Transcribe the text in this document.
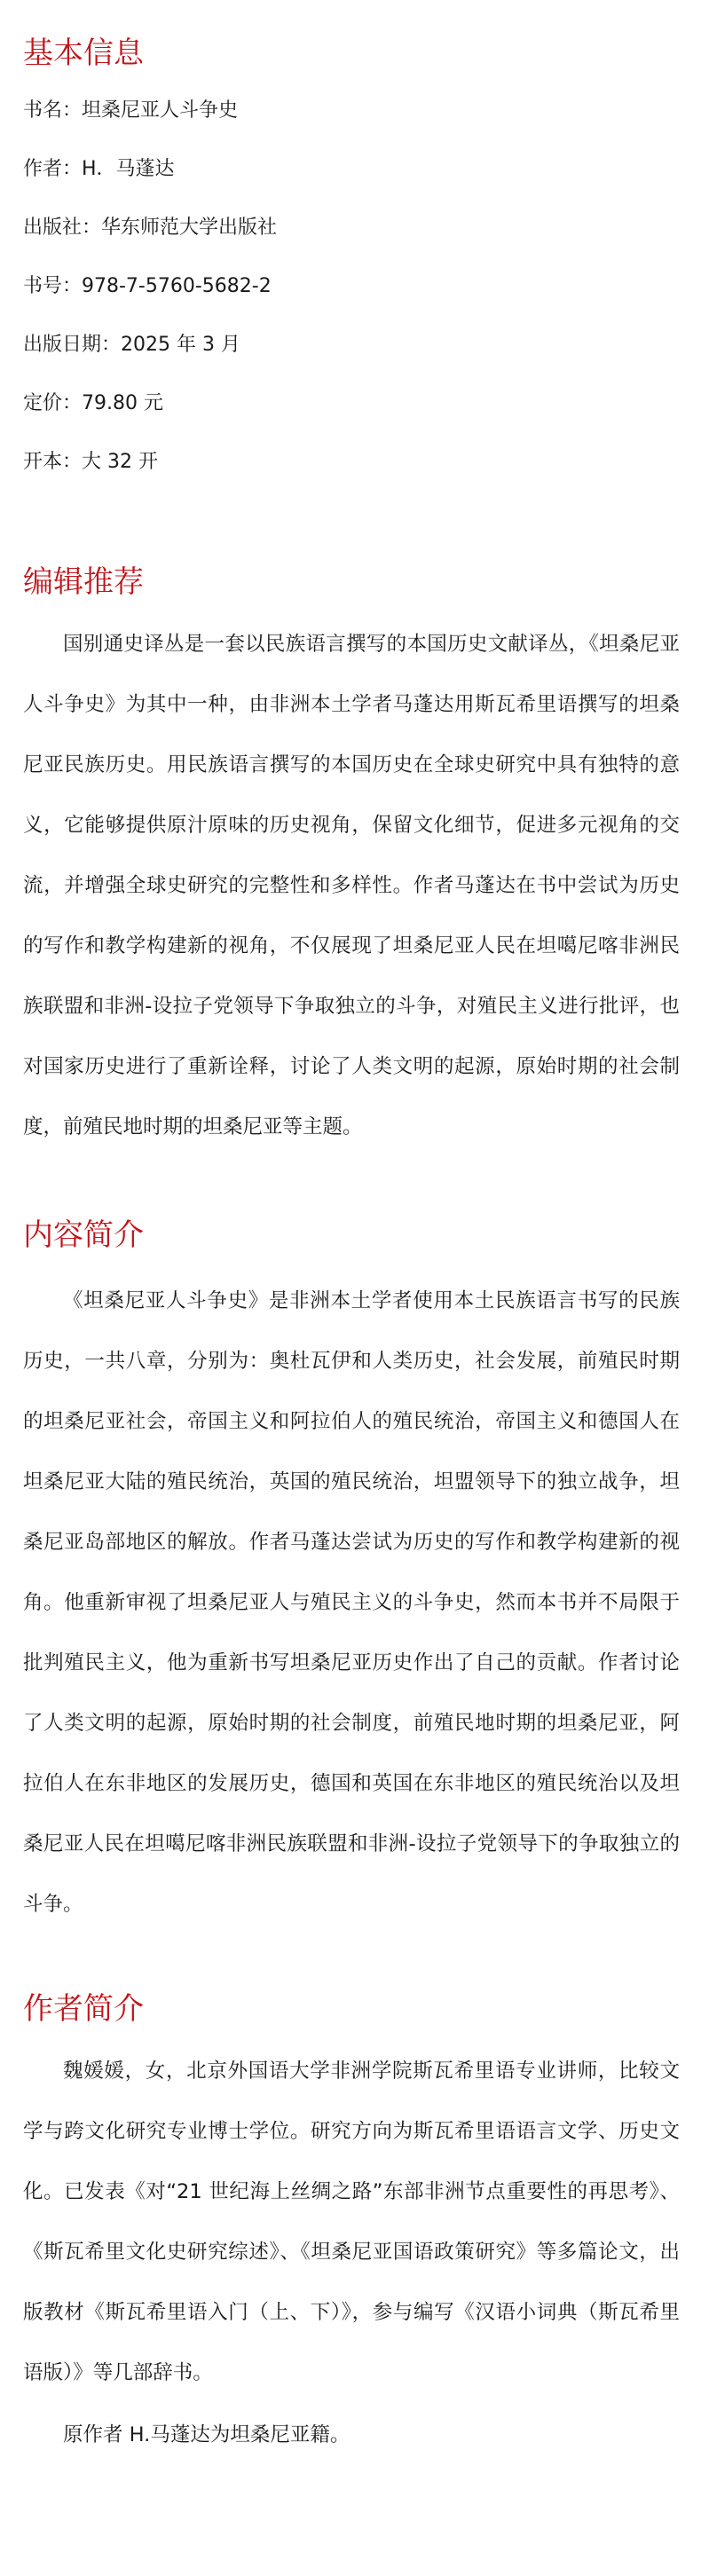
基本信息

书名：坦桑尼亚人斗争史

作者：H．马蓬达

出版社：华东师范大学出版社

书号：978-7-5760-5682-2

出版日期：2025 年 3 月

定价：79.80 元

开本：大 32 开

编辑推荐

国别通史译丛是一套以民族语言撰写的本国历史文献译丛，《坦桑尼亚人斗争史》为其中一种，由非洲本土学者马蓬达用斯瓦希里语撰写的坦桑尼亚民族历史。用民族语言撰写的本国历史在全球史研究中具有独特的意义，它能够提供原汁原味的历史视角，保留文化细节，促进多元视角的交流，并增强全球史研究的完整性和多样性。作者马蓬达在书中尝试为历史的写作和教学构建新的视角，不仅展现了坦桑尼亚人民在坦噶尼喀非洲民族联盟和非洲-设拉子党领导下争取独立的斗争，对殖民主义进行批评，也对国家历史进行了重新诠释，讨论了人类文明的起源，原始时期的社会制度，前殖民地时期的坦桑尼亚等主题。

内容简介

《坦桑尼亚人斗争史》是非洲本土学者使用本土民族语言书写的民族历史，一共八章，分别为：奥杜瓦伊和人类历史，社会发展，前殖民时期的坦桑尼亚社会，帝国主义和阿拉伯人的殖民统治，帝国主义和德国人在坦桑尼亚大陆的殖民统治，英国的殖民统治，坦盟领导下的独立战争，坦桑尼亚岛部地区的解放。作者马蓬达尝试为历史的写作和教学构建新的视角。他重新审视了坦桑尼亚人与殖民主义的斗争史，然而本书并不局限于批判殖民主义，他为重新书写坦桑尼亚历史作出了自己的贡献。作者讨论了人类文明的起源，原始时期的社会制度，前殖民地时期的坦桑尼亚，阿拉伯人在东非地区的发展历史，德国和英国在东非地区的殖民统治以及坦桑尼亚人民在坦噶尼喀非洲民族联盟和非洲-设拉子党领导下的争取独立的斗争。

作者简介

魏媛媛，女，北京外国语大学非洲学院斯瓦希里语专业讲师，比较文学与跨文化研究专业博士学位。研究方向为斯瓦希里语语言文学、历史文化。已发表《对“21 世纪海上丝绸之路”东部非洲节点重要性的再思考》、《斯瓦希里文化史研究综述》、《坦桑尼亚国语政策研究》等多篇论文，出版教材《斯瓦希里语入门（上、下）》，参与编写《汉语小词典（斯瓦希里语版）》等几部辞书。

原作者 H.马蓬达为坦桑尼亚籍。
